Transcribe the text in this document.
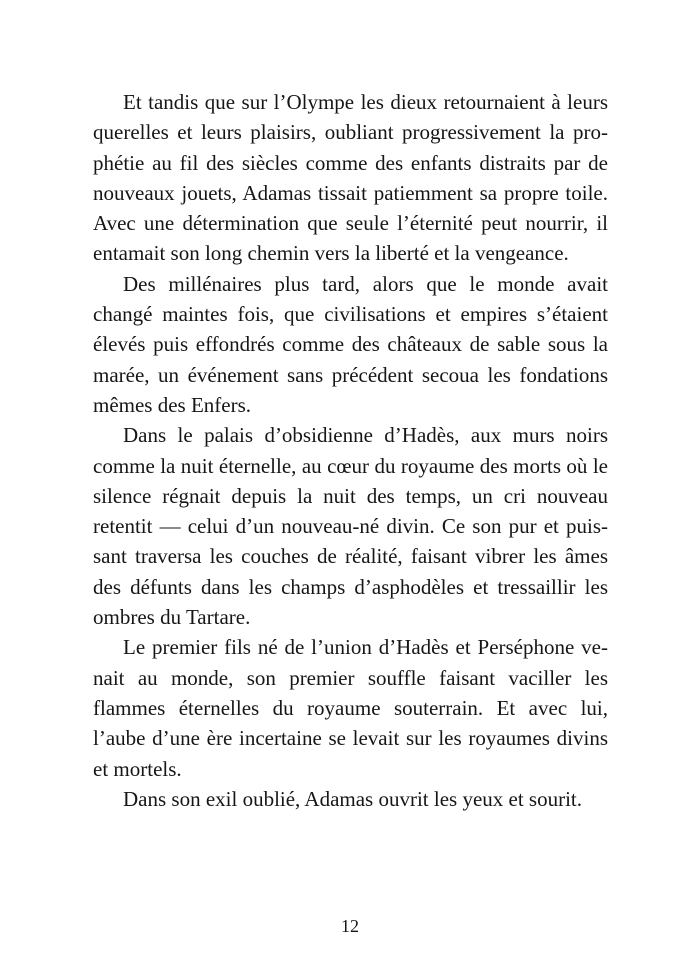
Et tandis que sur l’Olympe les dieux retournaient à leurs querelles et leurs plaisirs, oubliant progressivement la prophétie au fil des siècles comme des enfants distraits par de nouveaux jouets, Adamas tissait patiemment sa propre toile. Avec une détermination que seule l’éternité peut nourrir, il entamait son long chemin vers la liberté et la vengeance.

Des millénaires plus tard, alors que le monde avait changé maintes fois, que civilisations et empires s’étaient élevés puis effondrés comme des châteaux de sable sous la marée, un événement sans précédent secoua les fondations mêmes des Enfers.

Dans le palais d’obsidienne d’Hadès, aux murs noirs comme la nuit éternelle, au cœur du royaume des morts où le silence régnait depuis la nuit des temps, un cri nouveau retentit — celui d’un nouveau-né divin. Ce son pur et puissant traversa les couches de réalité, faisant vibrer les âmes des défunts dans les champs d’asphodèles et tressaillir les ombres du Tartare.

Le premier fils né de l’union d’Hadès et Perséphone venait au monde, son premier souffle faisant vaciller les flammes éternelles du royaume souterrain. Et avec lui, l’aube d’une ère incertaine se levait sur les royaumes divins et mortels.

Dans son exil oublié, Adamas ouvrit les yeux et sourit.

12
